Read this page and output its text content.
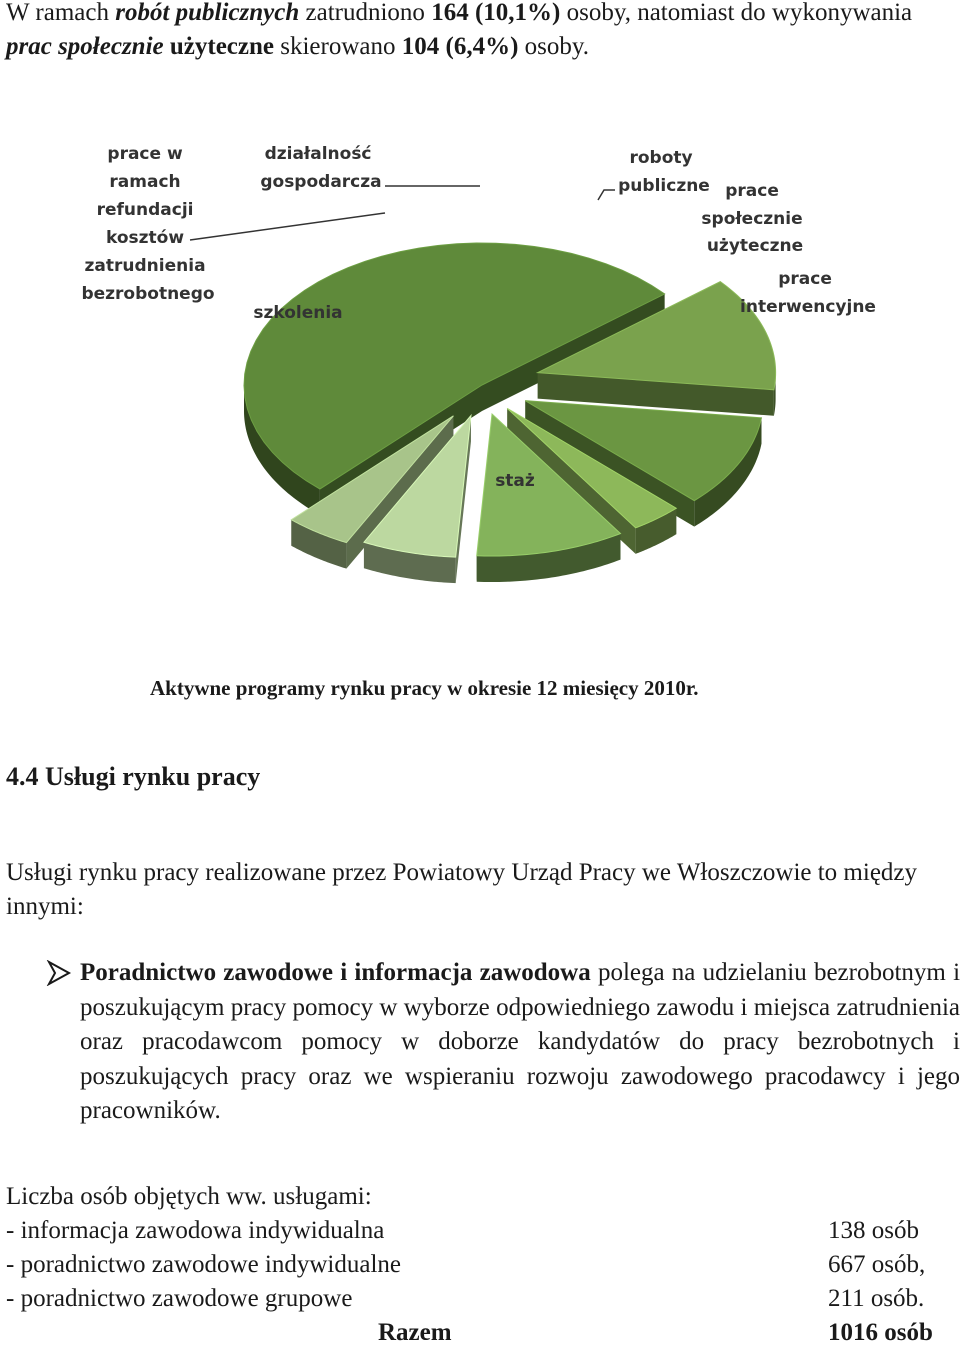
W ramach robót publicznych zatrudniono 164 (10,1%) osoby, natomiast do wykonywania prac społecznie użyteczne skierowano 104 (6,4%) osoby.
staż
szkolenia
prace w ramach refundacji kosztów zatrudnienia bezrobotnego
działalność gospodarcza
roboty publiczne prace społecznie użyteczne
prace interwencyjne
Aktywne programy rynku pracy w okresie 12 miesięcy 2010r.
4.4 Usługi rynku pracy
Usługi rynku pracy realizowane przez Powiatowy Urząd Pracy we Włoszczowie to między innymi:
Poradnictwo zawodowe i informacja zawodowa polega na udzielaniu bezrobotnym i poszukującym pracy pomocy w wyborze odpowiedniego zawodu i miejsca zatrudnienia oraz pracodawcom pomocy w doborze kandydatów do pracy bezrobotnych i poszukujących pracy oraz we wspieraniu rozwoju zawodowego pracodawcy i jego pracowników.
Liczba osób objętych ww. usługami:
- informacja zawodowa indywidualna	138 osób
- poradnictwo zawodowe indywidualne	667 osób,
- poradnictwo zawodowe grupowe	211 osób.
Razem	1016 osób
